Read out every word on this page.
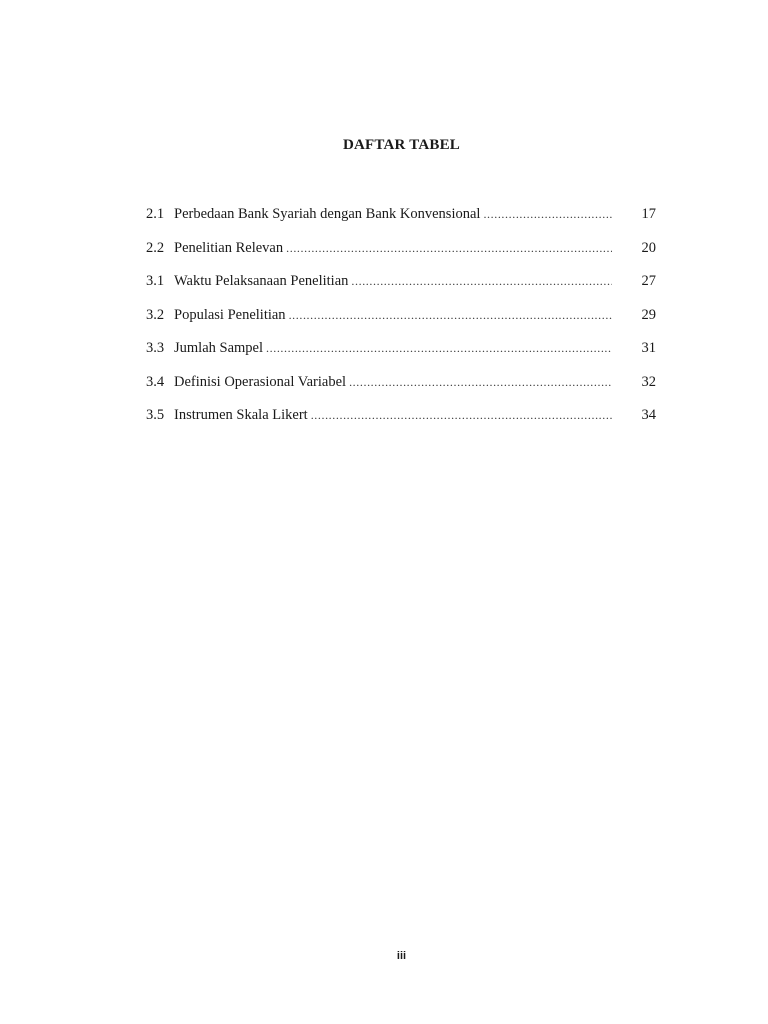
DAFTAR TABEL
2.1 Perbedaan Bank Syariah dengan Bank Konvensional .....	17
2.2 Penelitian Relevan .....	20
3.1 Waktu Pelaksanaan Penelitian .....	27
3.2 Populasi Penelitian .....	29
3.3 Jumlah Sampel .....	31
3.4 Definisi Operasional Variabel .....	32
3.5 Instrumen Skala Likert .....	34
iii
